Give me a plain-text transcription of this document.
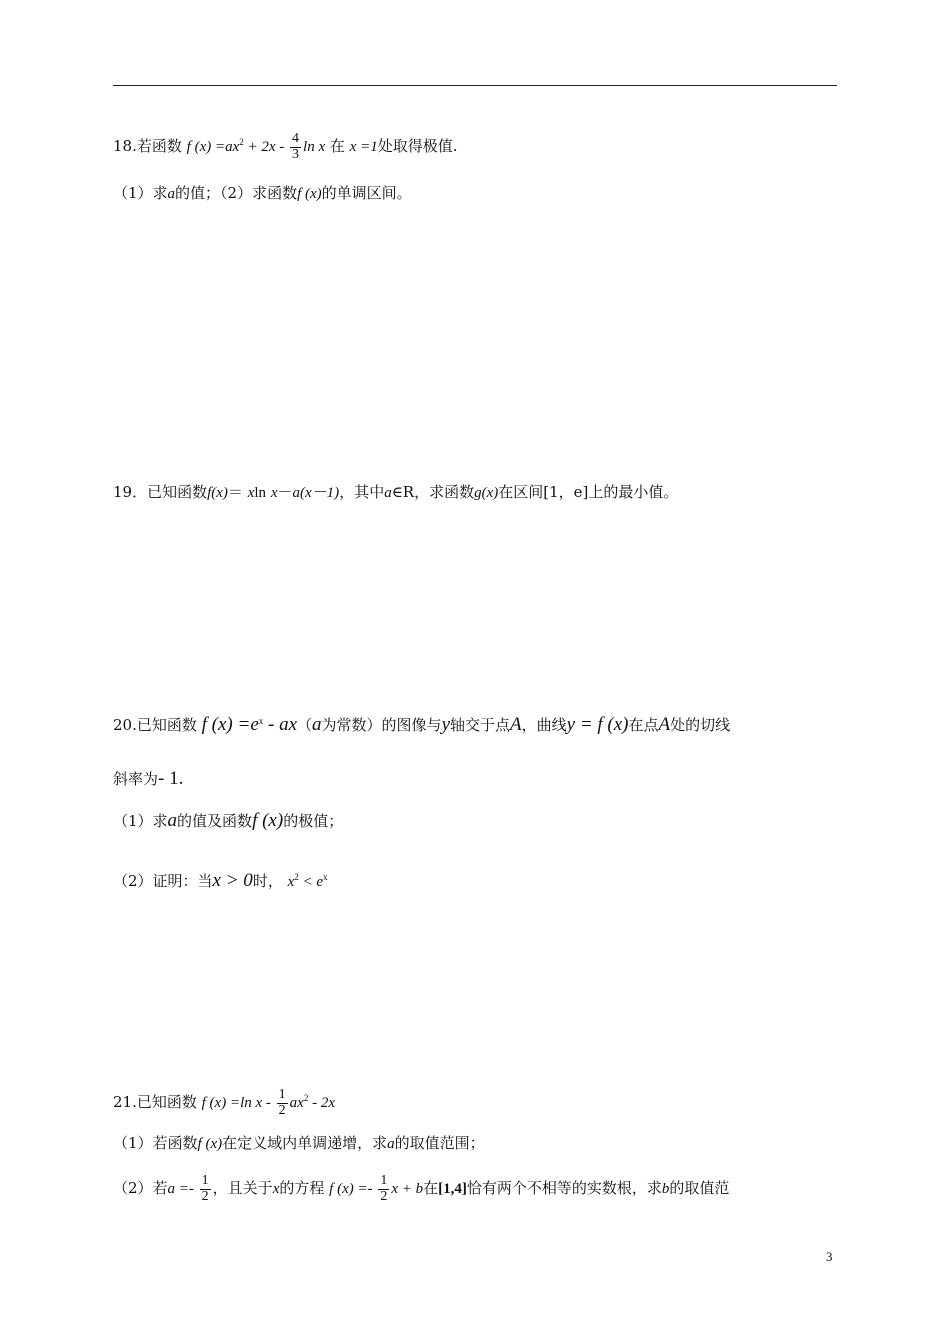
18.若函数 f $(x) =ax^2 + 2x - \frac{4}{3}$ ln x 在 x =1处取得极值.
（1）求a的值；（2）求函数f (x)的单调区间。
19．已知函数f(x)＝ xln x－a(x－1)，其中a∈R，求函数g(x)在区间[1，e]上的最小值。
20.已知函数 f $(x) =e^x - ax(a$为常数）的图像与y轴交于点A，曲线y = f (x)在点A处的切线
斜率为- 1.
（1）求a的值及函数f (x)的极值；
（2）证明：当x > 0时， $x^2 < e^x$
21.已知函数 f (x) =ln x - $\frac{1}{2} ax^2 - 2x$
（1）若函数f (x)在定义域内单调递增，求a的取值范围；
（2）若$a =- \frac{1}{2}$ ，且关于x的方程 f $(x) =- \frac{1}{2}$ x + b在[1,4]恰有两个不相等的实数根，求b的取值范
3
